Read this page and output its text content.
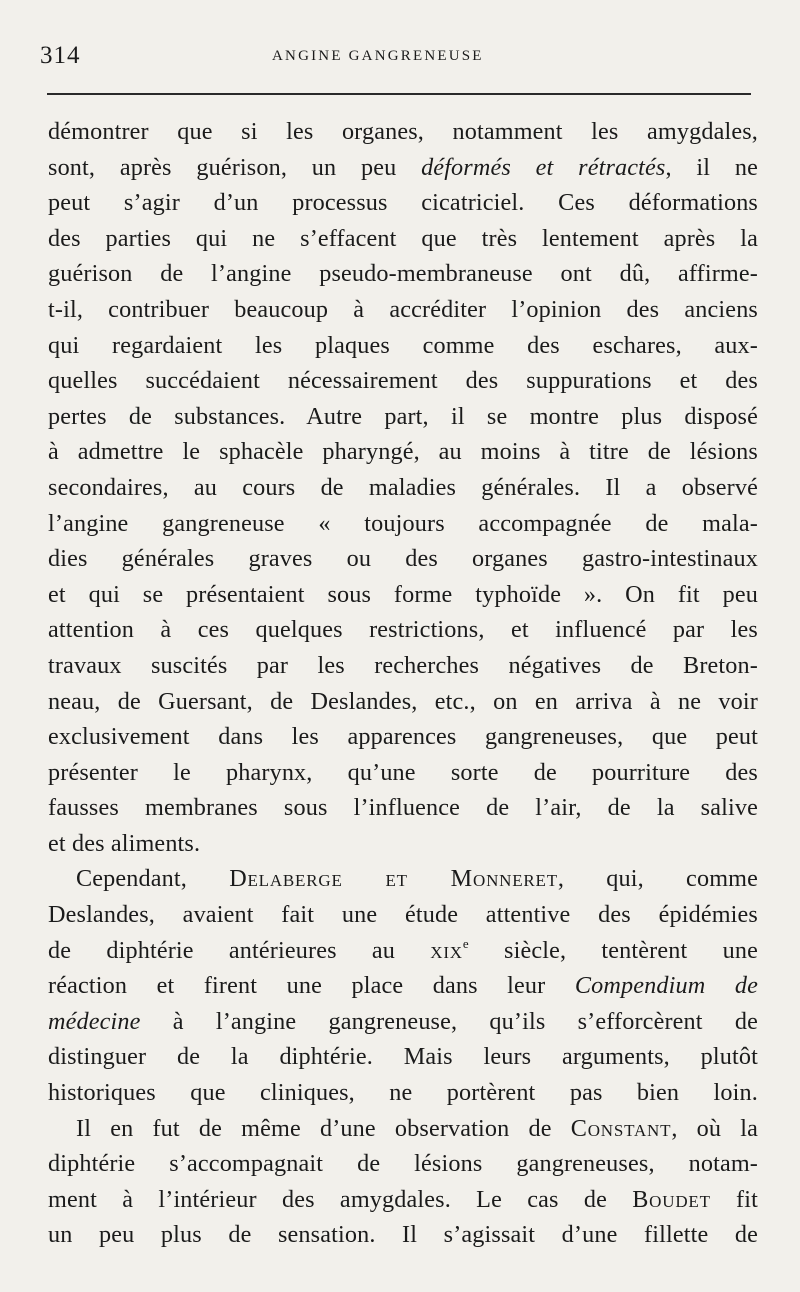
314	ANGINE GANGRENEUSE
démontrer que si les organes, notamment les amygdales,
sont, après guérison, un peu déformés et rétractés, il ne
peut s’agir d’un processus cicatriciel. Ces déformations
des parties qui ne s’effacent que très lentement après la
guérison de l’angine pseudo-membraneuse ont dû, affirme-
t-il, contribuer beaucoup à accréditer l’opinion des anciens
qui regardaient les plaques comme des eschares, aux-
quelles succédaient nécessairement des suppurations et des
pertes de substances. Autre part, il se montre plus disposé
à admettre le sphacèle pharyngé, au moins à titre de lésions
secondaires, au cours de maladies générales. Il a observé
l’angine gangreneuse « toujours accompagnée de mala-
dies générales graves ou des organes gastro-intestinaux
et qui se présentaient sous forme typhoïde ». On fit peu
attention à ces quelques restrictions, et influencé par les
travaux suscités par les recherches négatives de Breton-
neau, de Guersant, de Deslandes, etc., on en arriva à ne voir
exclusivement dans les apparences gangreneuses, que peut
présenter le pharynx, qu’une sorte de pourriture des
fausses membranes sous l’influence de l’air, de la salive
et des aliments.
Cependant, Delaberge et Monneret, qui, comme
Deslandes, avaient fait une étude attentive des épidémies
de diphtérie antérieures au xix$^e$ siècle, tentèrent une
réaction et firent une place dans leur Compendium de
médecine à l’angine gangreneuse, qu’ils s’efforcèrent de
distinguer de la diphtérie. Mais leurs arguments, plutôt
historiques que cliniques, ne portèrent pas bien loin.
Il en fut de même d’une observation de Constant, où la
diphtérie s’accompagnait de lésions gangreneuses, notam-
ment à l’intérieur des amygdales. Le cas de Boudet fit
un peu plus de sensation. Il s’agissait d’une fillette de
